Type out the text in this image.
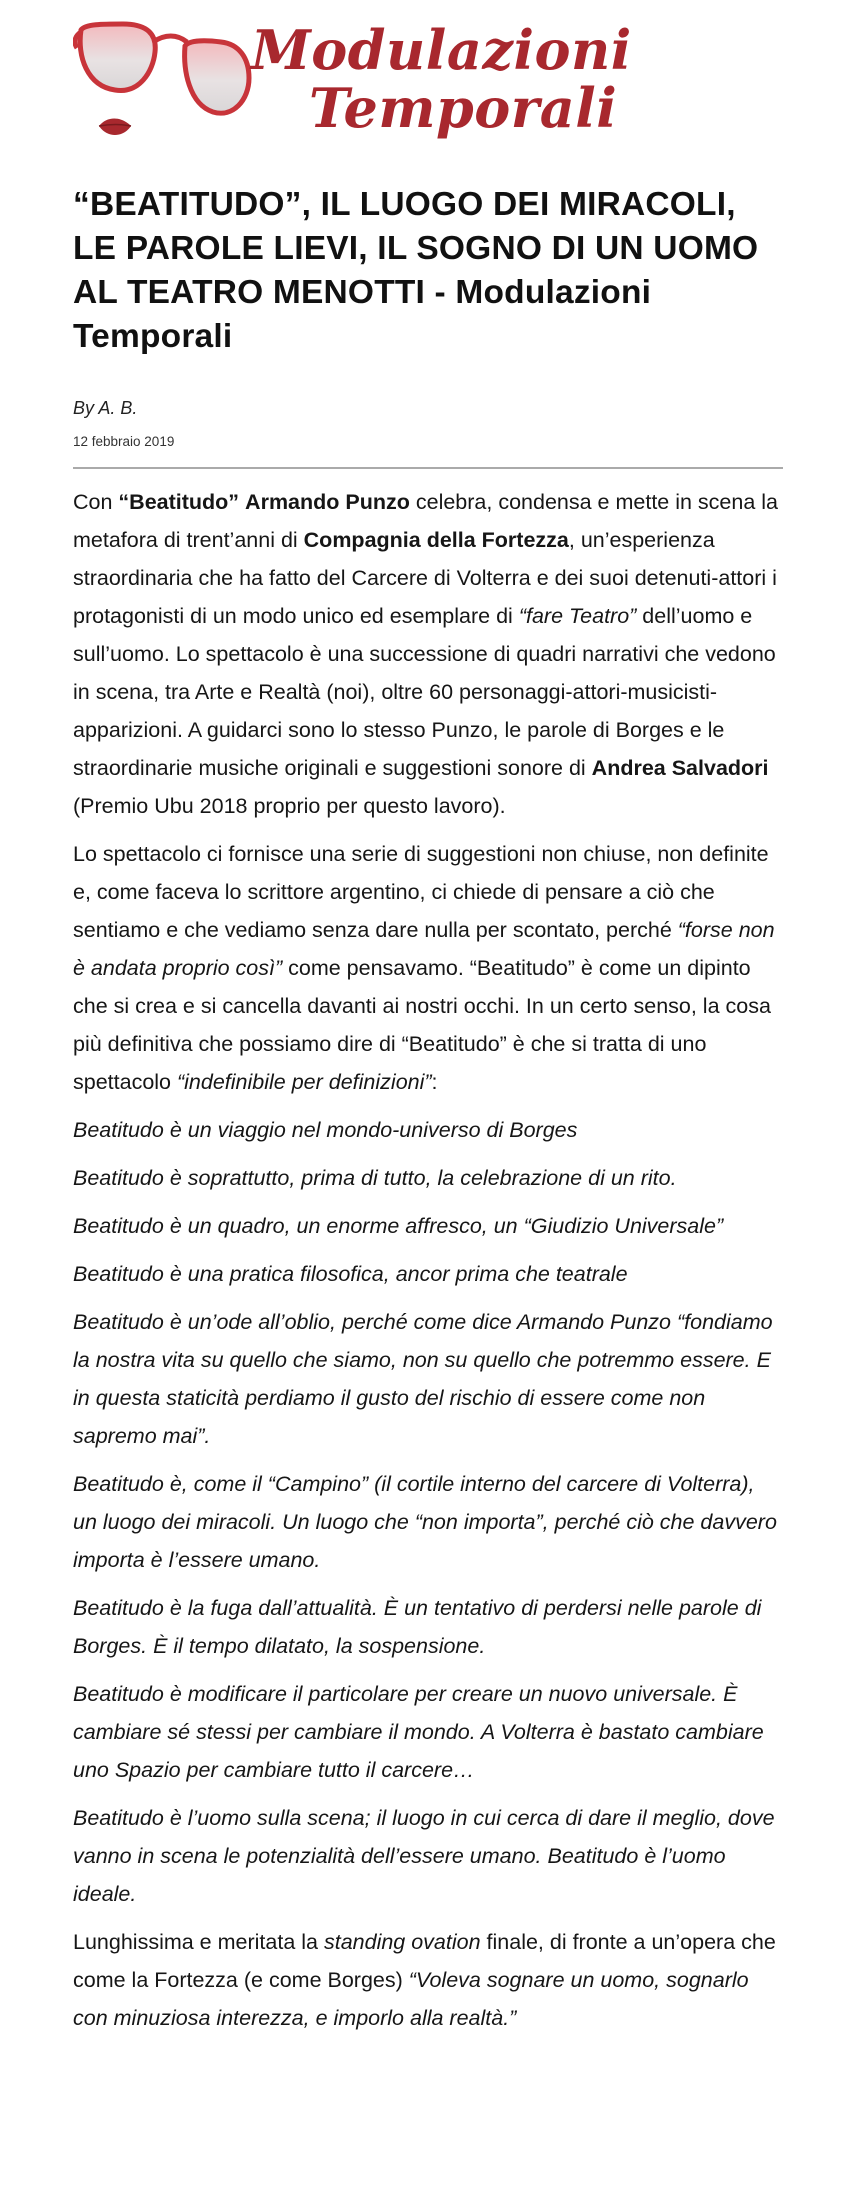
Modulazioni
Temporali
“BEATITUDO”, IL LUOGO DEI MIRACOLI, LE PAROLE LIEVI, IL SOGNO DI UN UOMO AL TEATRO MENOTTI - Modulazioni Temporali
By A. B.
12 febbraio 2019

Con “Beatitudo” Armando Punzo celebra, condensa e mette in scena la metafora di trent’anni di Compagnia della Fortezza, un’esperienza straordinaria che ha fatto del Carcere di Volterra e dei suoi detenuti-attori i protagonisti di un modo unico ed esemplare di “fare Teatro” dell’uomo e sull’uomo. Lo spettacolo è una successione di quadri narrativi che vedono in scena, tra Arte e Realtà (noi), oltre 60 personaggi-attori-musicisti-apparizioni. A guidarci sono lo stesso Punzo, le parole di Borges e le straordinarie musiche originali e suggestioni sonore di Andrea Salvadori (Premio Ubu 2018 proprio per questo lavoro).

Lo spettacolo ci fornisce una serie di suggestioni non chiuse, non definite e, come faceva lo scrittore argentino, ci chiede di pensare a ciò che sentiamo e che vediamo senza dare nulla per scontato, perché “forse non è andata proprio così” come pensavamo. “Beatitudo” è come un dipinto che si crea e si cancella davanti ai nostri occhi. In un certo senso, la cosa più definitiva che possiamo dire di “Beatitudo” è che si tratta di uno spettacolo “indefinibile per definizioni”:

Beatitudo è un viaggio nel mondo-universo di Borges

Beatitudo è soprattutto, prima di tutto, la celebrazione di un rito.

Beatitudo è un quadro, un enorme affresco, un “Giudizio Universale”

Beatitudo è una pratica filosofica, ancor prima che teatrale

Beatitudo è un’ode all’oblio, perché come dice Armando Punzo “fondiamo la nostra vita su quello che siamo, non su quello che potremmo essere. E in questa staticità perdiamo il gusto del rischio di essere come non sapremo mai”.

Beatitudo è, come il “Campino” (il cortile interno del carcere di Volterra), un luogo dei miracoli. Un luogo che “non importa”, perché ciò che davvero importa è l’essere umano.

Beatitudo è la fuga dall’attualità. È un tentativo di perdersi nelle parole di Borges. È il tempo dilatato, la sospensione.

Beatitudo è modificare il particolare per creare un nuovo universale. È cambiare sé stessi per cambiare il mondo. A Volterra è bastato cambiare uno Spazio per cambiare tutto il carcere…

Beatitudo è l’uomo sulla scena; il luogo in cui cerca di dare il meglio, dove vanno in scena le potenzialità dell’essere umano. Beatitudo è l’uomo ideale.

Lunghissima e meritata la standing ovation finale, di fronte a un’opera che come la Fortezza (e come Borges) “Voleva sognare un uomo, sognarlo con minuziosa interezza, e imporlo alla realtà.”
